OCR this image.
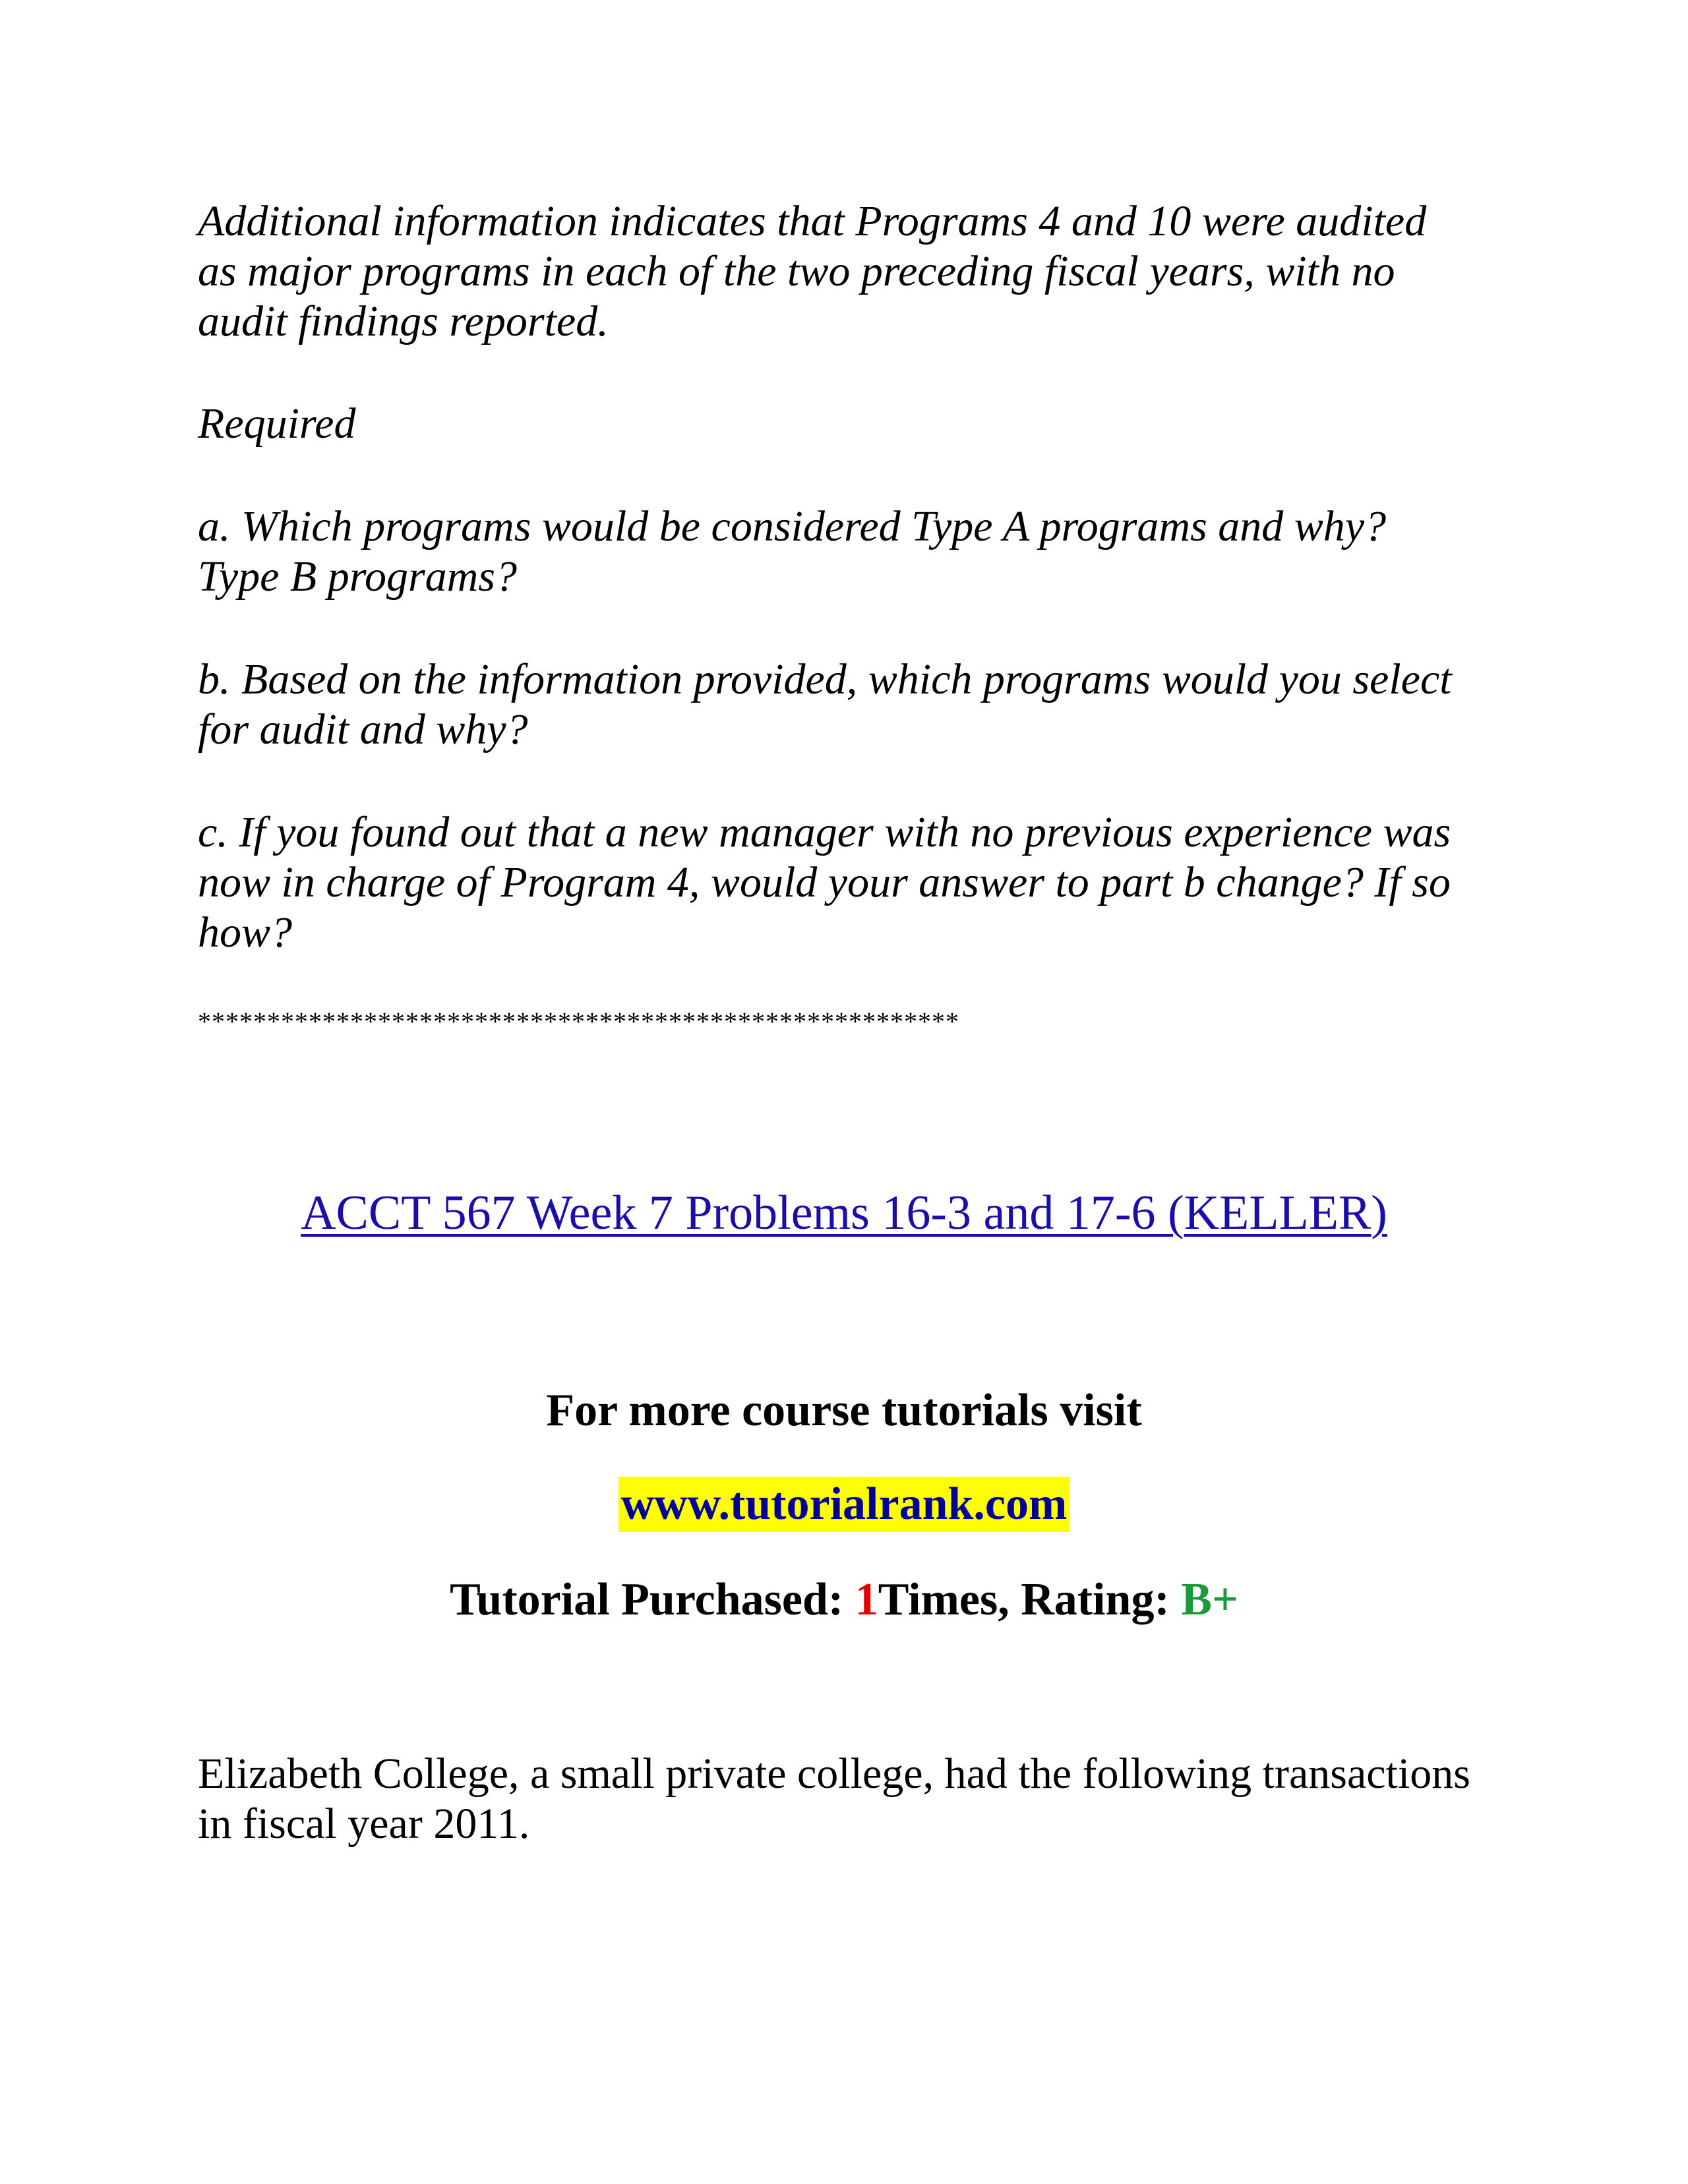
Additional information indicates that Programs 4 and 10 were audited

as major programs in each of the two preceding fiscal years, with no

audit findings reported.

Required

a. Which programs would be considered Type A programs and why?

Type B programs?

b. Based on the information provided, which programs would you select

for audit and why?

c. If you found out that a new manager with no previous experience was

now in charge of Program 4, would your answer to part b change? If so

how?

*******************************************************
ACCT 567 Week 7 Problems 16-3 and 17-6 (KELLER)
For more course tutorials visit
www.tutorialrank.com
Tutorial Purchased: 1Times, Rating: B+

Elizabeth College, a small private college, had the following transactions

in fiscal year 2011.
